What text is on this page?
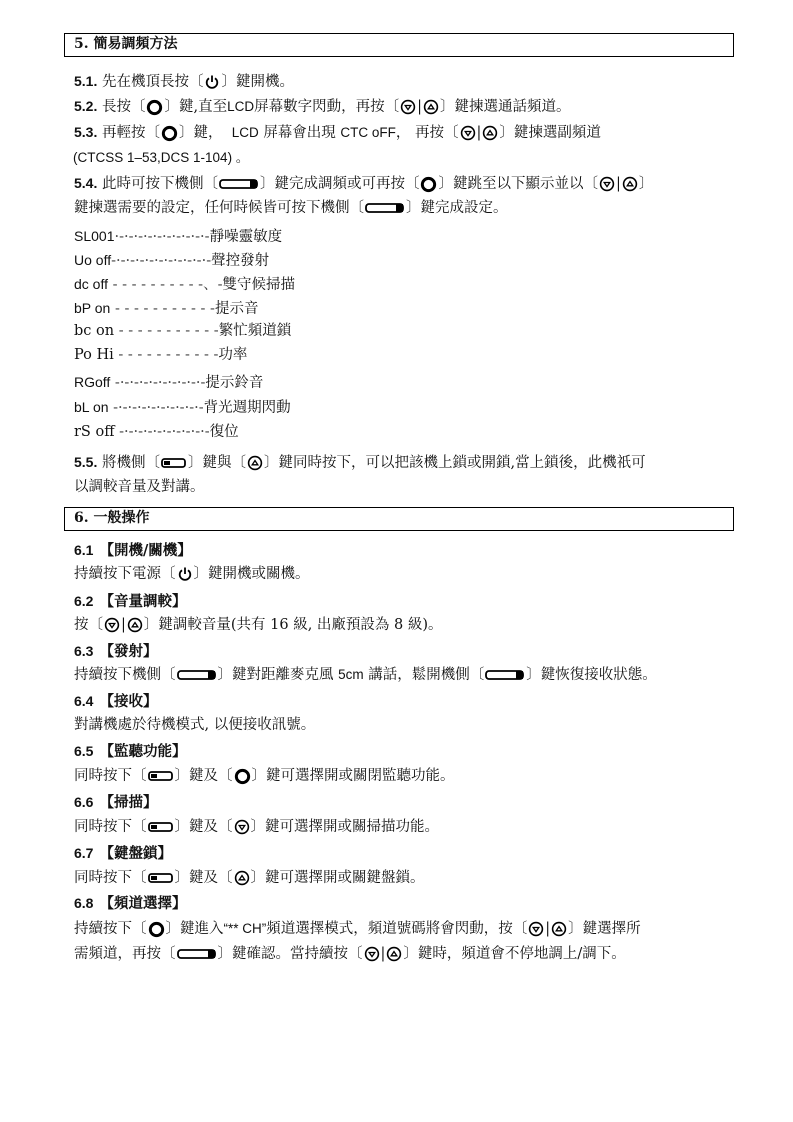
5. 簡易調頻方法
5.1. 先在機頂長按〔 〕鍵開機。
5.2. 長按〔 〕鍵,直至LCD屏幕數字閃動，再按〔 | 〕鍵揀選通話頻道。
5.3. 再輕按〔 〕鍵， LCD 屏幕會出現 CTC oFF， 再按〔 | 〕鍵揀選副頻道
(CTCSS 1–53,DCS 1-104) 。
5.4. 此時可按下機側〔	〕鍵完成調頻或可再按〔 〕鍵跳至以下顯示並以〔 | 〕
鍵揀選需要的設定，任何時候皆可按下機側〔	〕鍵完成設定。
SL001·-·-·-·-·-·-·-·-·-·-靜噪靈敏度
Uo off-·-·-·-·-·-·-·-·-·-·-聲控發射
dc off - - - - - - - - - -、-雙守候掃描
bP on - - - - - - - - - - -提示音
bc on - - - - - - - - - - -繁忙頻道鎖
Po Hi - - - - - - - - - - -功率
RGoff -·-·-·-·-·-·-·-·-·-提示鈴音
bL on -·-·-·-·-·-·-·-·-·-背光週期閃動
rS off -·-·-·-·-·-·-·-·-·-復位
5.5. 將機側〔 〕鍵與〔 〕鍵同時按下，可以把該機上鎖或開鎖,當上鎖後，此機祇可
以調較音量及對講。
6. 一般操作
6.1 【開機/關機】
持續按下電源〔 〕鍵開機或關機。
6.2 【音量調較】
按〔 | 〕鍵調較音量(共有 16 級, 出廠預設為 8 級)。
6.3 【發射】
持續按下機側〔	〕鍵對距離麥克風 5cm 講話，鬆開機側〔	〕鍵恢復接收狀態。
6.4 【接收】
對講機處於待機模式, 以便接收訊號。
6.5 【監聽功能】
同時按下〔 〕鍵及〔 〕鍵可選擇開或關閉監聽功能。
6.6 【掃描】
同時按下〔 〕鍵及〔 〕鍵可選擇開或關掃描功能。
6.7 【鍵盤鎖】
同時按下〔 〕鍵及〔 〕鍵可選擇開或關鍵盤鎖。
6.8 【頻道選擇】
持續按下〔 〕鍵進入“** CH”頻道選擇模式，頻道號碼將會閃動，按〔 | 〕鍵選擇所
需頻道，再按〔	〕鍵確認。當持續按〔 | 〕鍵時，頻道會不停地調上/調下。
